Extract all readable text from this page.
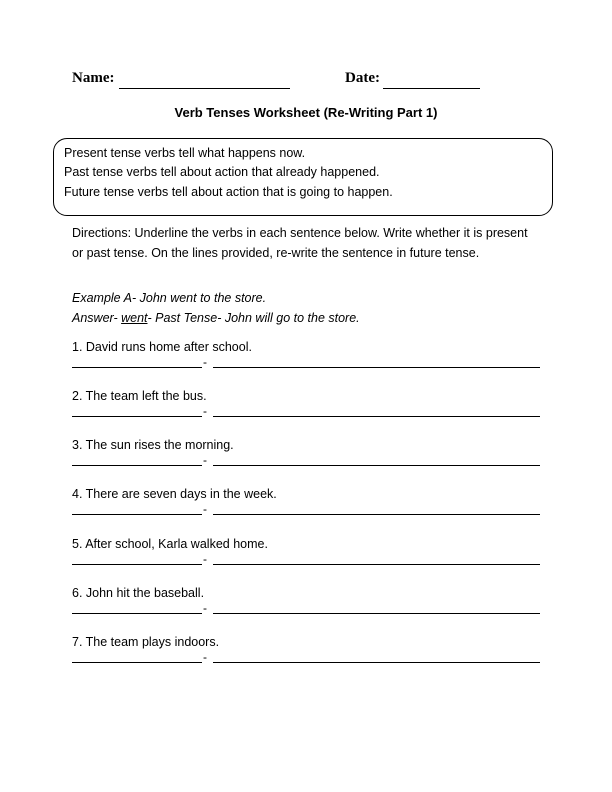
Name:	Date:
Verb Tenses Worksheet (Re-Writing Part 1)
Present tense verbs tell what happens now.
Past tense verbs tell about action that already happened.
Future tense verbs tell about action that is going to happen.
Directions: Underline the verbs in each sentence below. Write whether it is present or past tense. On the lines provided, re-write the sentence in future tense.
Example A- John went to the store.
Answer- went- Past Tense- John will go to the store.
1. David runs home after school.
-
2. The team left the bus.
-
3. The sun rises the morning.
-
4. There are seven days in the week.
-
5. After school, Karla walked home.
-
6. John hit the baseball.
-
7. The team plays indoors.
-
